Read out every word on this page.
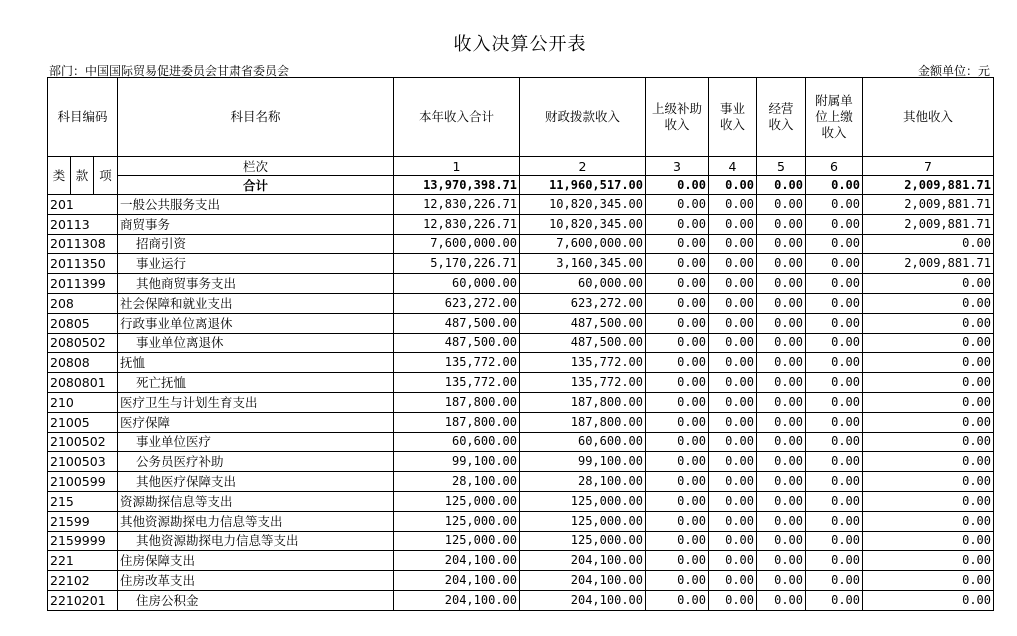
收入决算公开表
部门：中国国际贸易促进委员会甘肃省委员会	金额单位：元
科目编码			科目名称	本年收入合计	财政拨款收入	上级补助收入	事业收入	经营收入	附属单位上缴收入	其他收入
类	款	项	栏次	1	2	3	4	5	6	7
			合计	13,970,398.71	11,960,517.00	0.00	0.00	0.00	0.00	2,009,881.71
201			一般公共服务支出	12,830,226.71	10,820,345.00	0.00	0.00	0.00	0.00	2,009,881.71
20113			商贸事务	12,830,226.71	10,820,345.00	0.00	0.00	0.00	0.00	2,009,881.71
2011308			招商引资	7,600,000.00	7,600,000.00	0.00	0.00	0.00	0.00	0.00
2011350			事业运行	5,170,226.71	3,160,345.00	0.00	0.00	0.00	0.00	2,009,881.71
2011399			其他商贸事务支出	60,000.00	60,000.00	0.00	0.00	0.00	0.00	0.00
208			社会保障和就业支出	623,272.00	623,272.00	0.00	0.00	0.00	0.00	0.00
20805			行政事业单位离退休	487,500.00	487,500.00	0.00	0.00	0.00	0.00	0.00
2080502			事业单位离退休	487,500.00	487,500.00	0.00	0.00	0.00	0.00	0.00
20808			抚恤	135,772.00	135,772.00	0.00	0.00	0.00	0.00	0.00
2080801			死亡抚恤	135,772.00	135,772.00	0.00	0.00	0.00	0.00	0.00
210			医疗卫生与计划生育支出	187,800.00	187,800.00	0.00	0.00	0.00	0.00	0.00
21005			医疗保障	187,800.00	187,800.00	0.00	0.00	0.00	0.00	0.00
2100502			事业单位医疗	60,600.00	60,600.00	0.00	0.00	0.00	0.00	0.00
2100503			公务员医疗补助	99,100.00	99,100.00	0.00	0.00	0.00	0.00	0.00
2100599			其他医疗保障支出	28,100.00	28,100.00	0.00	0.00	0.00	0.00	0.00
215			资源勘探信息等支出	125,000.00	125,000.00	0.00	0.00	0.00	0.00	0.00
21599			其他资源勘探电力信息等支出	125,000.00	125,000.00	0.00	0.00	0.00	0.00	0.00
2159999			其他资源勘探电力信息等支出	125,000.00	125,000.00	0.00	0.00	0.00	0.00	0.00
221			住房保障支出	204,100.00	204,100.00	0.00	0.00	0.00	0.00	0.00
22102			住房改革支出	204,100.00	204,100.00	0.00	0.00	0.00	0.00	0.00
2210201			住房公积金	204,100.00	204,100.00	0.00	0.00	0.00	0.00	0.00
